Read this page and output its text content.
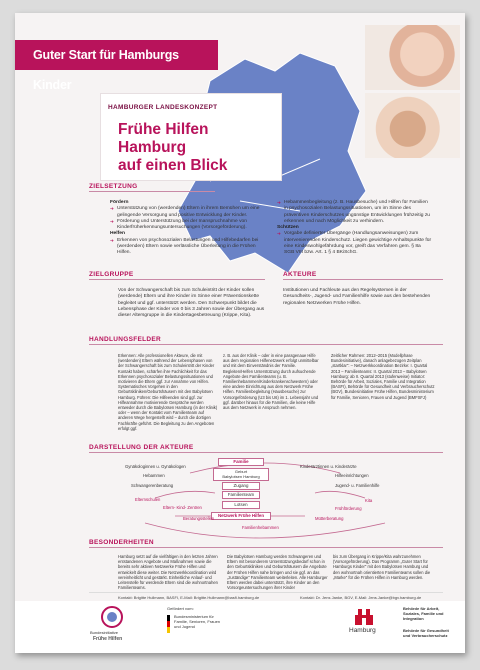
Guter Start für Hamburgs Kinder
HAMBURGER LANDESKONZEPT
Frühe Hilfen Hamburg
auf einen Blick
ZIELSETZUNG
Fördern
➔ Unterstützung von (werdenden) Eltern in ihrem Bemühen um eine gelingende Versorgung und positive Entwicklung der Kinder.
➔ Förderung und Unterstützung bei der Inanspruchnahme von Kinderfrüherkennungsuntersuchungen (Vorsorgeförderung).
Helfen
➔ Erkennen von psychosozialen Belastungen und Hilfebedarfen bei (werdenden) Eltern sowie verlässliche Überleitung in die Frühen Hilfen.
➔ Hebammenbegleitung (z. B. Hausbesuche) und Hilfen für Familien in psychosozialen Belastungssituationen, um im Sinne des präventiven Kinderschutzes ungünstige Entwicklungen frühzeitig zu erkennen und nach Möglichkeit zu verhindern.
Schützen
➔ Vorgabe definierter Übergänge (Handlungsanweisungen) zum intervenierenden Kinderschutz. Liegen gewichtige Anhaltspunkte für eine Kindeswohlgefährdung vor, greift das Verfahren gem. § 8a SGB VIII bzw. Art. 1 § 4 BKiSchG.
ZIELGRUPPE	AKTEURE
Von der Schwangerschaft bis zum Schuleintritt der Kinder sollen (werdende) Eltern und ihre Kinder im Sinne einer Präventionskette begleitet und ggf. unterstützt werden. Den Schwerpunkt bildet die Lebensphase der Kinder von 0 bis 3 Jahren sowie der Übergang aus dieser Altersgruppe in die Kindertagesbetreuung (Krippe, Kita).
Institutionen und Fachleute aus den Regelsystemen in der Gesundheits-, Jugend- und Familienhilfe sowie aus den bestehenden regionalen Netzwerken Frühe Hilfen.
HANDLUNGSFELDER
Erkennen: Alle professionellen Akteure, die mit (werdenden) Eltern während der Lebensphasen von der Schwangerschaft bis zum Schuleintritt der Kinder Kontakt haben, schärfen ihre Fachlichkeit für das Erkennen psychosozialer Belastungssituationen und motivieren die Eltern ggf. zur Annahme von Hilfen. Systematisches Vorgehen in den Geburtskliniken/Geburtshäusern mit den Babylotsen Hamburg. Führen: Die Hilfeenden sind ggf. zur Hilfeannahme motivierende Gespräche werden entweder durch die Babylotsen Hamburg (in der Klinik) oder – wenn der Kontakt vom Familienteam auf anderen Wege hergestellt wird – durch die dortigen Fachkräfte geführt. Die Begleitung zu den Angeboten erfolgt ggf.
z. B. aus der Klinik – oder in eine passgenaue Hilfe aus dem regionalen Hilfenetzwerk erfolgt unmittelbar und mit dem Einverständnis der Familie. Begleiten/Helfen Unterstützung durch aufsuchende Angebote des Familienteams (u. B. Familienhebammen/Kinderkrankenschwestern) oder eine andere Einrichtung aus dem Netzwerk Frühe Hilfen. Familienbegleitung (Hausbesuche) zur Vorsorgeförderung (U3 bis U6) im 1. Lebensjahr und ggf. darüber hinaus für die Familien, die keine Hilfe aus dem Netzwerk in Anspruch nehmen.
Zeitlicher Rahmen: 2012–2015 (Modellphase Bundesinitiative), danach anlagebezogen Zeitplan „startklar": – Netzwerkkoordination Bezirke: I. Quartal 2013 – Familienteams: II. Quartal 2013 – Babylotsen Hamburg: ab II. Quartal 2013 (stufenweise) Initiator: Behörde für Arbeit, Soziales, Familie und Integration (BASFI), Behörde für Gesundheit und Verbraucherschutz (BGV), Bundesinitiative Frühe Hilfen, Bundesministerium für Familie, Senioren, Frauen und Jugend (BMFSFJ)
DARSTELLUNG DER AKTEURE
Familie
Geburt
Babylotsen Hamburg
Zugang
Familienteam
Lotsen
Netzwerk Frühe Hilfen
Gynäkologinnen u. Gynäkologen
Hebammen
Schwangerenberatung
Elternschulen
Eltern- Kind- Zentren
Beratungsstellen
Familienhebammen
Kinderärztinnen u. Kinderärzte
Hilfeeinrichtungen
Jugend- u. Familienhilfe
Kita
Frühförderung
Mütterberatung
BESONDERHEITEN
Hamburg setzt auf die vielfältigen in den letzten Jahren entstandenen Angebote und Maßnahmen sowie die bereits sehr aktiven Netzwerke Frühe Hilfen und entwickelt diese weiter. Die Netzwerkkoordination wird vereinheitlicht und gestärkt. Einheitliche Anlauf- und Leitenstelle für werdende Eltern sind die wohnortnahen Familienteams.
Die Babylotsen Hamburg werden Schwangeren und Eltern mit besonderem Unterstützungsbedarf schon in den Geburtskliniken und Geburtshäusern die Angebote der Frühen Hilfen nahe bringen und sie ggf. an das „zuständige" Familienteam weiterleiten. Alle Hamburger Eltern werden dabei unterstützt, ihre Kinder an den Vorsorgeuntersuchungen ihrer Kinder
bis zum Übergang in Krippe/Kita wahrzunehmen (Vorsorgeförderung). Das Programm „Guter Start für Hamburgs Kinder" mit den Babylotsen Hamburg und den wohnortnah orientierten Familienteams sollen die „Marke" für die Frühen Hilfen in Hamburg werden.
Kontakt: Brigitte Hullmann, BASFI, E-Mail: Brigitte.Hullmann@basfi.hamburg.de	Kontakt: Dr. Jens Janke, BGV, E-Mail: Jens.Janke@bgv.hamburg.de
Bundesinitiative
Frühe Hilfen
Gefördert vom:
Bundesministerium für Familie, Senioren, Frauen und Jugend
Hamburg
Behörde für Arbeit, Soziales, Familie und Integration
Behörde für Gesundheit und Verbraucherschutz
